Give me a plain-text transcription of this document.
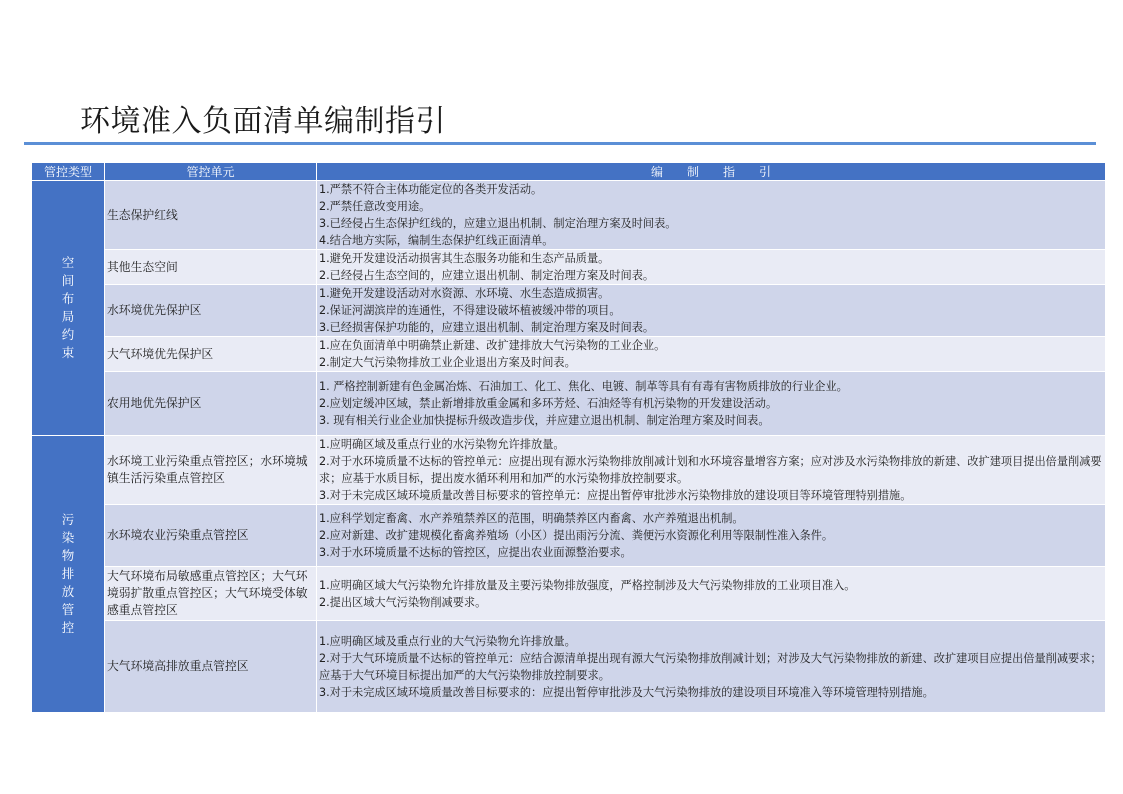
环境准入负面清单编制指引
管控类型	管控单元	编　　制　　指　　引
空间布局约束	生态保护红线	1.严禁不符合主体功能定位的各类开发活动。
2.严禁任意改变用途。
3.已经侵占生态保护红线的，应建立退出机制、制定治理方案及时间表。
4.结合地方实际，编制生态保护红线正面清单。

	其他生态空间	1.避免开发建设活动损害其生态服务功能和生态产品质量。
2.已经侵占生态空间的，应建立退出机制、制定治理方案及时间表。

	水环境优先保护区	1.避免开发建设活动对水资源、水环境、水生态造成损害。
2.保证河湖滨岸的连通性，不得建设破坏植被缓冲带的项目。
3.已经损害保护功能的，应建立退出机制、制定治理方案及时间表。

	大气环境优先保护区	1.应在负面清单中明确禁止新建、改扩建排放大气污染物的工业企业。
2.制定大气污染物排放工业企业退出方案及时间表。

	农用地优先保护区	1. 严格控制新建有色金属冶炼、石油加工、化工、焦化、电镀、制革等具有有毒有害物质排放的行业企业。
2.应划定缓冲区域，禁止新增排放重金属和多环芳烃、石油烃等有机污染物的开发建设活动。
3. 现有相关行业企业加快提标升级改造步伐，并应建立退出机制、制定治理方案及时间表。

污染物排放管控	水环境工业污染重点管控区；水环境城镇生活污染重点管控区	1.应明确区域及重点行业的水污染物允许排放量。
2.对于水环境质量不达标的管控单元：应提出现有源水污染物排放削减计划和水环境容量增容方案；应对涉及水污染物排放的新建、改扩建项目提出倍量削减要求；应基于水质目标，提出废水循环利用和加严的水污染物排放控制要求。
3.对于未完成区域环境质量改善目标要求的管控单元：应提出暂停审批涉水污染物排放的建设项目等环境管理特别措施。

	水环境农业污染重点管控区	1.应科学划定畜禽、水产养殖禁养区的范围，明确禁养区内畜禽、水产养殖退出机制。
2.应对新建、改扩建规模化畜禽养殖场（小区）提出雨污分流、粪便污水资源化利用等限制性准入条件。
3.对于水环境质量不达标的管控区，应提出农业面源整治要求。

	大气环境布局敏感重点管控区；大气环境弱扩散重点管控区；大气环境受体敏感重点管控区	1.应明确区域大气污染物允许排放量及主要污染物排放强度，严格控制涉及大气污染物排放的工业项目准入。
2.提出区域大气污染物削减要求。

	大气环境高排放重点管控区	1.应明确区域及重点行业的大气污染物允许排放量。
2.对于大气环境质量不达标的管控单元：应结合源清单提出现有源大气污染物排放削减计划；对涉及大气污染物排放的新建、改扩建项目应提出倍量削减要求；应基于大气环境目标提出加严的大气污染物排放控制要求。
3.对于未完成区域环境质量改善目标要求的：应提出暂停审批涉及大气污染物排放的建设项目环境准入等环境管理特别措施。
